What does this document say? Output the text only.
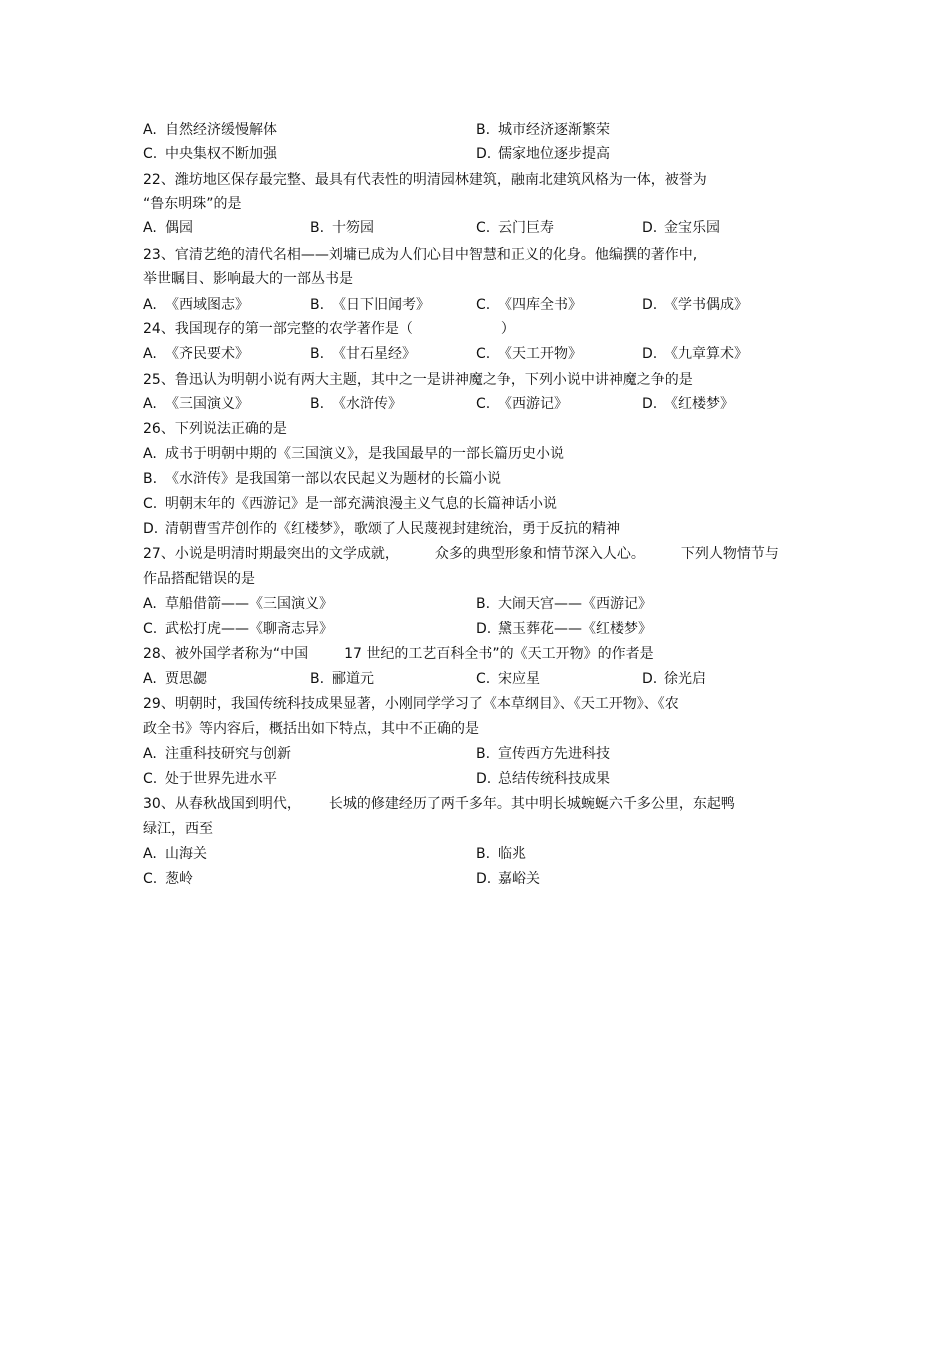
A. 自然经济缓慢解体	B. 城市经济逐渐繁荣
C. 中央集权不断加强	D. 儒家地位逐步提高
22、潍坊地区保存最完整、最具有代表性的明清园林建筑，融南北建筑风格为一体，被誉为
“鲁东明珠”的是
A. 偶园	B. 十笏园	C. 云门巨寿	D. 金宝乐园
23、官清艺绝的清代名相——刘墉已成为人们心目中智慧和正义的化身。他编撰的著作中,
举世瞩目、影响最大的一部丛书是
A. 《西域图志》	B. 《日下旧闻考》	C. 《四库全书》	D. 《学书偶成》
24、我国现存的第一部完整的农学著作是（	）
A. 《齐民要术》	B. 《甘石星经》	C. 《天工开物》	D. 《九章算术》
25、鲁迅认为明朝小说有两大主题，其中之一是讲神魔之争，下列小说中讲神魔之争的是
A. 《三国演义》	B. 《水浒传》	C. 《西游记》	D. 《红楼梦》
26、下列说法正确的是
A. 成书于明朝中期的《三国演义》，是我国最早的一部长篇历史小说
B. 《水浒传》是我国第一部以农民起义为题材的长篇小说
C. 明朝末年的《西游记》是一部充满浪漫主义气息的长篇神话小说
D. 清朝曹雪芹创作的《红楼梦》，歌颂了人民蔑视封建统治，勇于反抗的精神
27、小说是明清时期最突出的文学成就，	众多的典型形象和情节深入人心。	下列人物情节与
作品搭配错误的是
A. 草船借箭——《三国演义》	B. 大闹天宫——《西游记》
C. 武松打虎——《聊斋志异》	D. 黛玉葬花——《红楼梦》
28、被外国学者称为“中国	17 世纪的工艺百科全书”的《天工开物》的作者是
A. 贾思勰	B. 郦道元	C. 宋应星	D. 徐光启
29、明朝时，我国传统科技成果显著，小刚同学学习了《本草纲目》、《天工开物》、《农
政全书》等内容后，概括出如下特点，其中不正确的是
A. 注重科技研究与创新	B. 宣传西方先进科技
C. 处于世界先进水平	D. 总结传统科技成果
30、从春秋战国到明代， 长城的修建经历了两千多年。其中明长城蜿蜒六千多公里，东起鸭
绿江，西至
A. 山海关	B. 临兆
C. 葱岭	D. 嘉峪关
